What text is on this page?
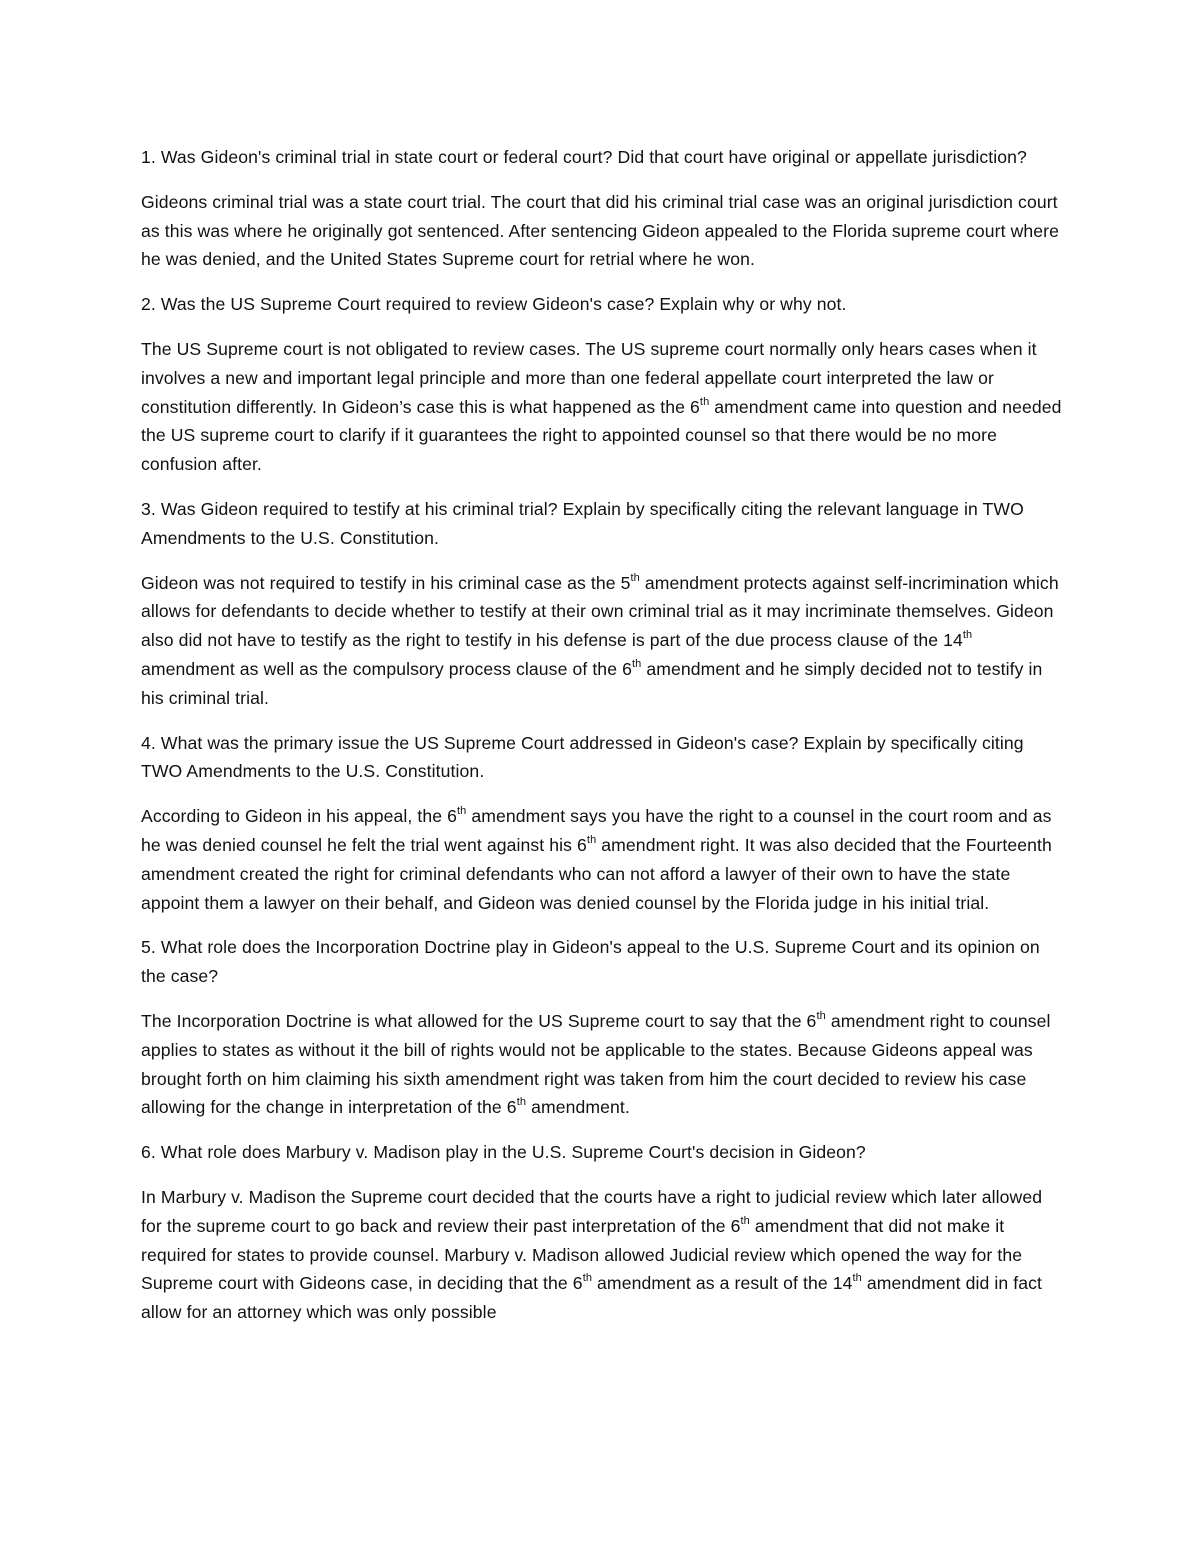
1. Was Gideon's criminal trial in state court or federal court? Did that court have original or appellate jurisdiction?

Gideons criminal trial was a state court trial. The court that did his criminal trial case was an original jurisdiction court as this was where he originally got sentenced. After sentencing Gideon appealed to the Florida supreme court where he was denied, and the United States Supreme court for retrial where he won.

2. Was the US Supreme Court required to review Gideon's case? Explain why or why not.

The US Supreme court is not obligated to review cases. The US supreme court normally only hears cases when it involves a new and important legal principle and more than one federal appellate court interpreted the law or constitution differently. In Gideon’s case this is what happened as the 6th amendment came into question and needed the US supreme court to clarify if it guarantees the right to appointed counsel so that there would be no more confusion after.

3. Was Gideon required to testify at his criminal trial? Explain by specifically citing the relevant language in TWO Amendments to the U.S. Constitution.

Gideon was not required to testify in his criminal case as the 5th amendment protects against self-incrimination which allows for defendants to decide whether to testify at their own criminal trial as it may incriminate themselves. Gideon also did not have to testify as the right to testify in his defense is part of the due process clause of the 14th amendment as well as the compulsory process clause of the 6th amendment and he simply decided not to testify in his criminal trial.

4. What was the primary issue the US Supreme Court addressed in Gideon's case? Explain by specifically citing TWO Amendments to the U.S. Constitution.

According to Gideon in his appeal, the 6th amendment says you have the right to a counsel in the court room and as he was denied counsel he felt the trial went against his 6th amendment right. It was also decided that the Fourteenth amendment created the right for criminal defendants who can not afford a lawyer of their own to have the state appoint them a lawyer on their behalf, and Gideon was denied counsel by the Florida judge in his initial trial.

5. What role does the Incorporation Doctrine play in Gideon's appeal to the U.S. Supreme Court and its opinion on the case?

The Incorporation Doctrine is what allowed for the US Supreme court to say that the 6th amendment right to counsel applies to states as without it the bill of rights would not be applicable to the states. Because Gideons appeal was brought forth on him claiming his sixth amendment right was taken from him the court decided to review his case allowing for the change in interpretation of the 6th amendment.

6. What role does Marbury v. Madison play in the U.S. Supreme Court's decision in Gideon?

In Marbury v. Madison the Supreme court decided that the courts have a right to judicial review which later allowed for the supreme court to go back and review their past interpretation of the 6th amendment that did not make it required for states to provide counsel. Marbury v. Madison allowed Judicial review which opened the way for the Supreme court with Gideons case, in deciding that the 6th amendment as a result of the 14th amendment did in fact allow for an attorney which was only possible
